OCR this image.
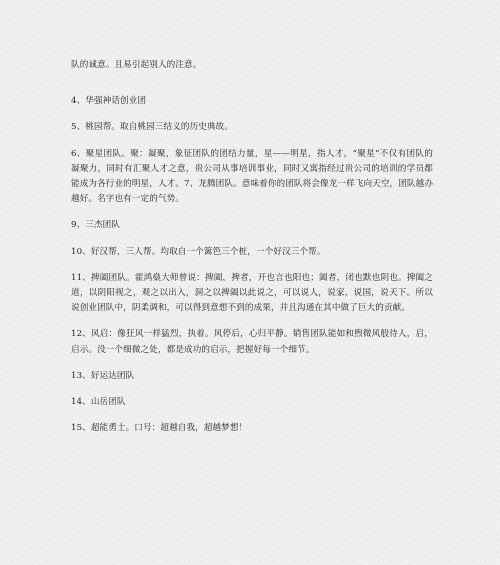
队的诚意。且易引起别人的注意。

4、华强神话创业团

5、桃园帮。取自桃园三结义的历史典故。

6、聚星团队。聚：凝聚，象征团队的团结力量，星——明星，指人才，“聚星”不仅有团队的凝聚力，同时有汇聚人才之意，贵公司从事培训事业，同时又寓指经过贵公司的培训的学员都能成为各行业的明星，人才。7、龙腾团队。意味着你的团队将会像龙一样飞向天空，团队越办越好。名字也有一定的气势。

9、三杰团队

10、好汉帮，三人帮。均取自一个篱笆三个桩，一个好汉三个帮。

11、捭阖团队。霍鸿燊大师曾说：捭阖，捭者，开也言也阳也；阖者，闭也默也阴也。捭阖之道，以阴阳视之，观之以出入，洞之以捭阖以此说之，可以说人，说家，说国，说天下。所以说创业团队中，阴柔调和，可以得到意想不到的成果，并且沟通在其中做了巨大的贡献。

12、风启：像狂风一样猛烈，执着。风停后，心归平静。销售团队能如和煦微风般待人，启，启示。没一个细微之处，都是成功的启示，把握好每一个细节。

13、好运达团队

14、山岳团队

15、超能勇士。口号：超越自我，超越梦想！
